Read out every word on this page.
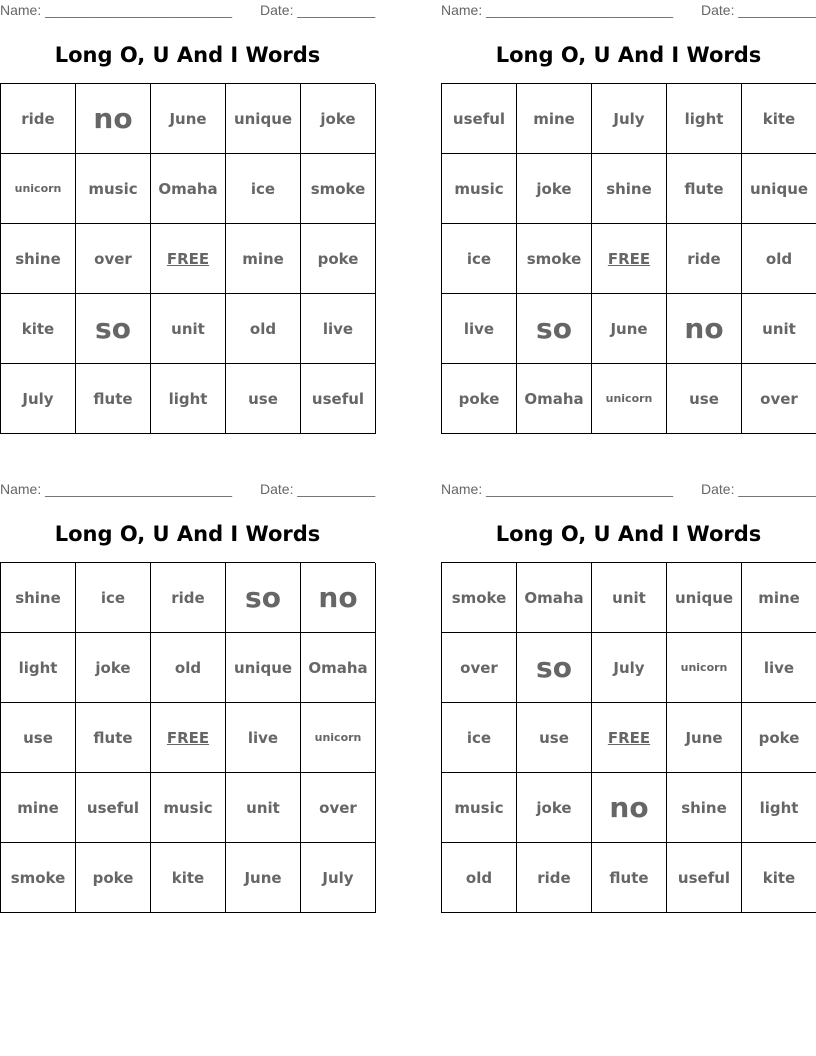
Name: ________________________ Date: __________
Long O, U And I Words
ride	no	June	unique	joke
unicorn	music	Omaha	ice	smoke
shine	over	FREE	mine	poke
kite	so	unit	old	live
July	flute	light	use	useful
Name: ________________________ Date: __________
Long O, U And I Words
useful	mine	July	light	kite
music	joke	shine	flute	unique
ice	smoke	FREE	ride	old
live	so	June	no	unit
poke	Omaha	unicorn	use	over
Name: ________________________ Date: __________
Long O, U And I Words
shine	ice	ride	so	no
light	joke	old	unique	Omaha
use	flute	FREE	live	unicorn
mine	useful	music	unit	over
smoke	poke	kite	June	July
Name: ________________________ Date: __________
Long O, U And I Words
smoke	Omaha	unit	unique	mine
over	so	July	unicorn	live
ice	use	FREE	June	poke
music	joke	no	shine	light
old	ride	flute	useful	kite
